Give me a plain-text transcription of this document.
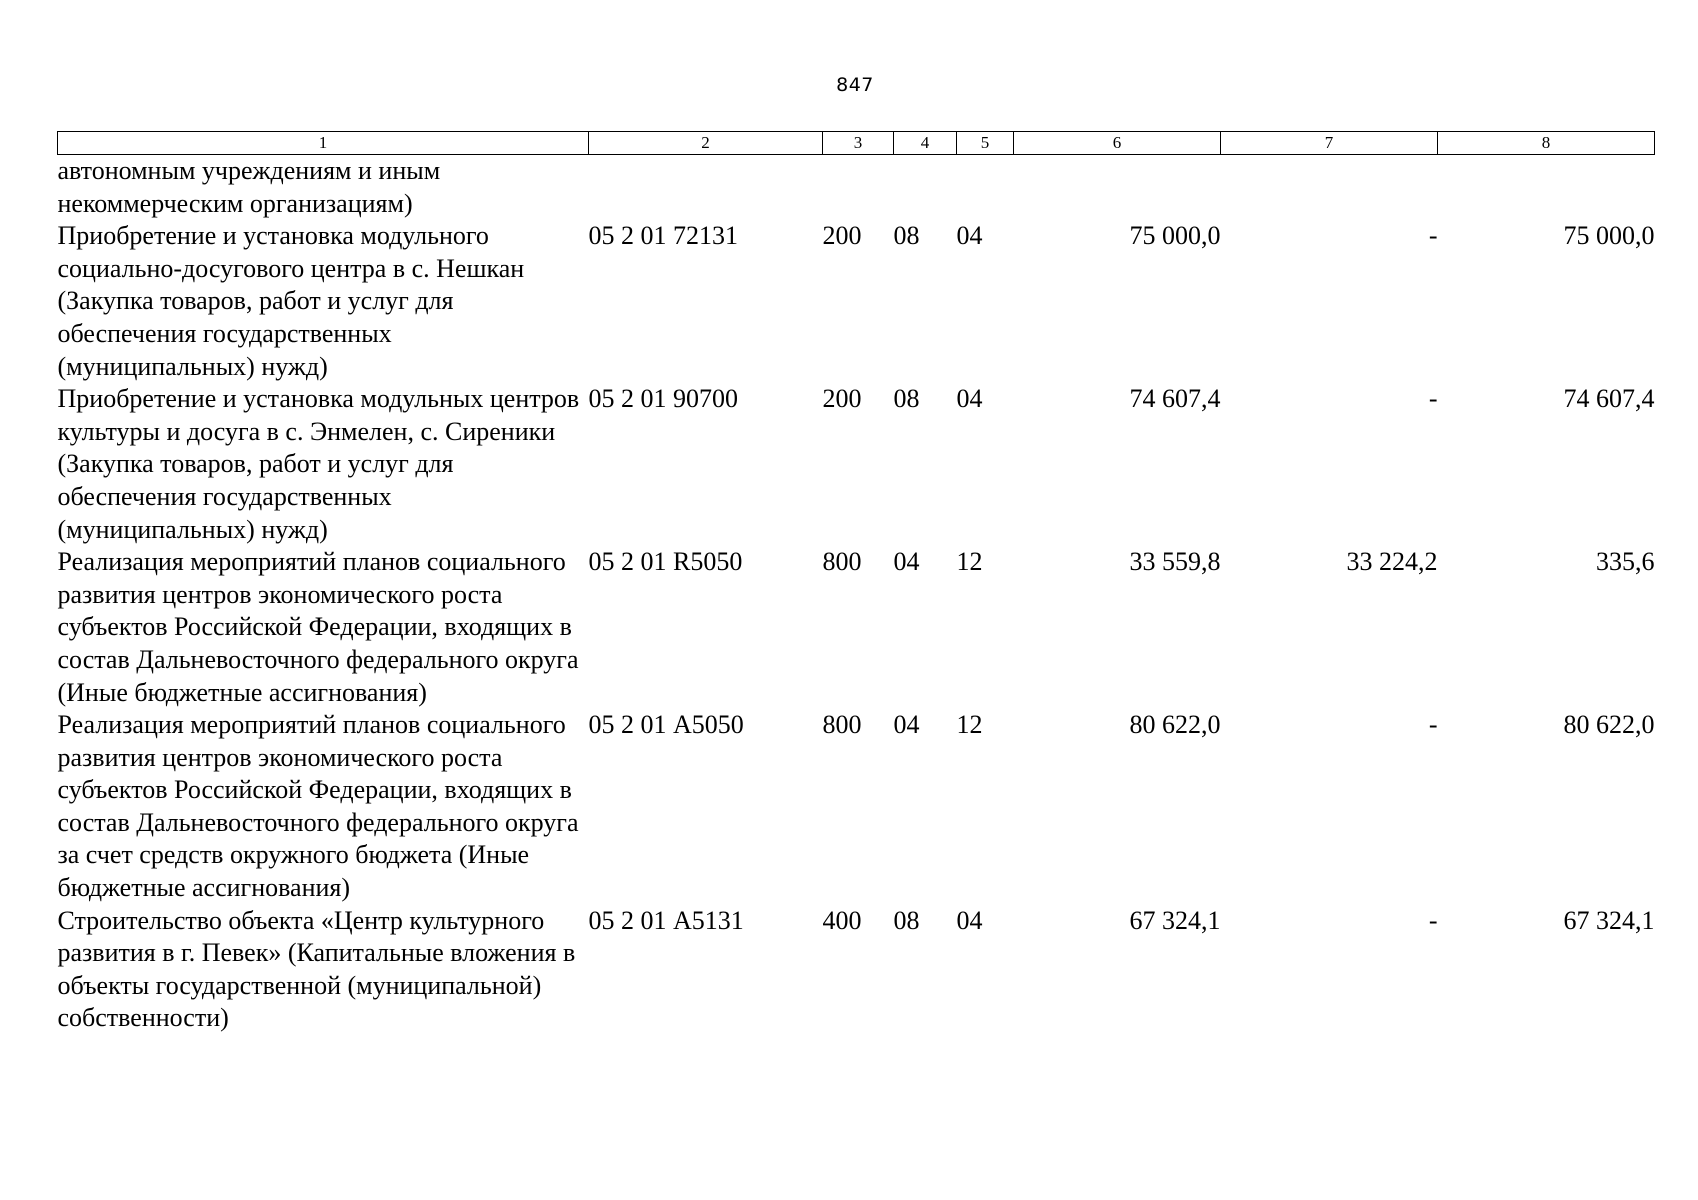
847
1	2	3	4	5	6	7	8
автономным учреждениям и иным некоммерческим организациям)							
Приобретение и установка модульного социально-досугового центра в с. Нешкан (Закупка товаров, работ и услуг для обеспечения государственных (муниципальных) нужд)	05 2 01 72131	200	08	04	75 000,0	-	75 000,0
Приобретение и установка модульных центров культуры и досуга в с. Энмелен, с. Сиреники (Закупка товаров, работ и услуг для обеспечения государственных (муниципальных) нужд)	05 2 01 90700	200	08	04	74 607,4	-	74 607,4
Реализация мероприятий планов социального развития центров экономического роста субъектов Российской Федерации, входящих в состав Дальневосточного федерального округа (Иные бюджетные ассигнования)	05 2 01 R5050	800	04	12	33 559,8	33 224,2	335,6
Реализация мероприятий планов социального развития центров экономического роста субъектов Российской Федерации, входящих в состав Дальневосточного федерального округа за счет средств окружного бюджета (Иные бюджетные ассигнования)	05 2 01 А5050	800	04	12	80 622,0	-	80 622,0
Строительство объекта «Центр культурного развития в г. Певек» (Капитальные вложения в объекты государственной (муниципальной) собственности)	05 2 01 А5131	400	08	04	67 324,1	-	67 324,1
